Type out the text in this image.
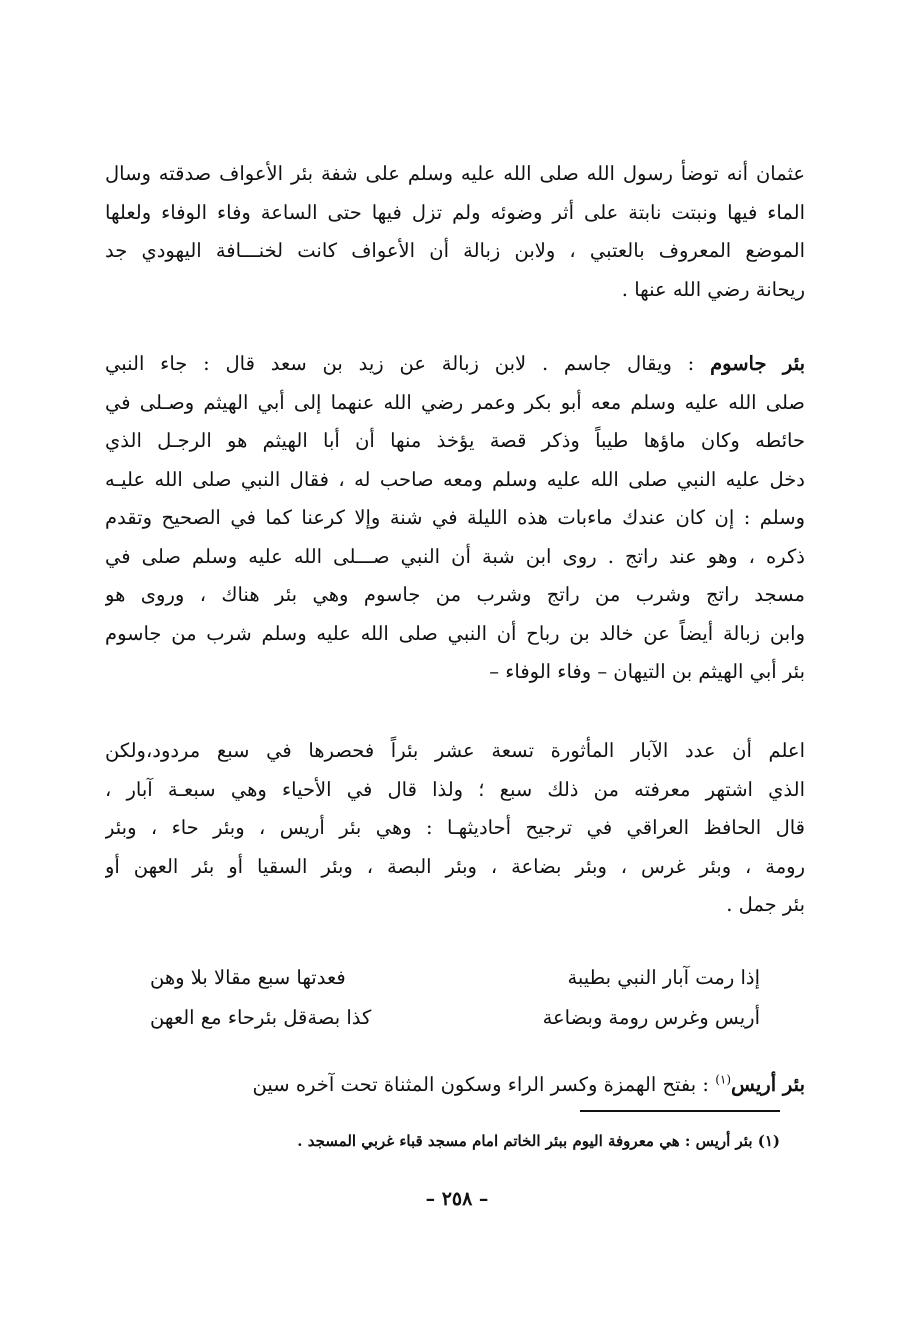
عثمان أنه توضأ رسول الله صلى الله عليه وسلم على شفة بئر الأعواف صدقته وسال
الماء فيها ونبتت نابتة على أثر وضوئه ولم تزل فيها حتى الساعة وفاء الوفاء ولعلها
الموضع المعروف بالعتبي ، ولابن زبالة أن الأعواف كانت لخنـــافة اليهودي جد
ريحانة رضي الله عنها .
بئر جاسوم : ويقال جاسم . لابن زبالة عن زيد بن سعد قال : جاء النبي
صلى الله عليه وسلم معه أبو بكر وعمر رضي الله عنهما إلى أبي الهيثم وصـلى في
حائطه وكان ماؤها طيباً وذكر قصة يؤخذ منها أن أبا الهيثم هو الرجـل الذي
دخل عليه النبي صلى الله عليه وسلم ومعه صاحب له ، فقال النبي صلى الله عليـه
وسلم : إن كان عندك ماءبات هذه الليلة في شنة وإلا كرعنا كما في الصحيح وتقدم
ذكره ، وهو عند راتج . روى ابن شبة أن النبي صـــلى الله عليه وسلم صلى في
مسجد راتج وشرب من راتج وشرب من جاسوم وهي بئر هناك ، وروى هو
وابن زبالة أيضاً عن خالد بن رباح أن النبي صلى الله عليه وسلم شرب من جاسوم
بئر أبي الهيثم بن التيهان – وفاء الوفاء –
اعلم أن عدد الآبار المأثورة تسعة عشر بئراً فحصرها في سبع مردود،ولكن
الذي اشتهر معرفته من ذلك سبع ؛ ولذا قال في الأحياء وهي سبعـة آبار ،
قال الحافظ العراقي في ترجيح أحاديثهـا : وهي بئر أريس ، وبئر حاء ، وبئر
رومة ، وبئر غرس ، وبئر بضاعة ، وبئر البصة ، وبئر السقيا أو بئر العهن أو
بئر جمل .
إذا رمت آبار النبي بطيبة
فعدتها سبع مقالا بلا وهن
أريس وغرس رومة وبضاعة
كذا بصةقل بئرحاء مع العهن
بئر أريس$^{(١)}$ : بفتح الهمزة وكسر الراء وسكون المثناة تحت آخره سين
(١) بئر أريس : هي معروفة اليوم ببئر الخاتم امام مسجد قباء غربي المسجد .
– ٢٥٨ –
